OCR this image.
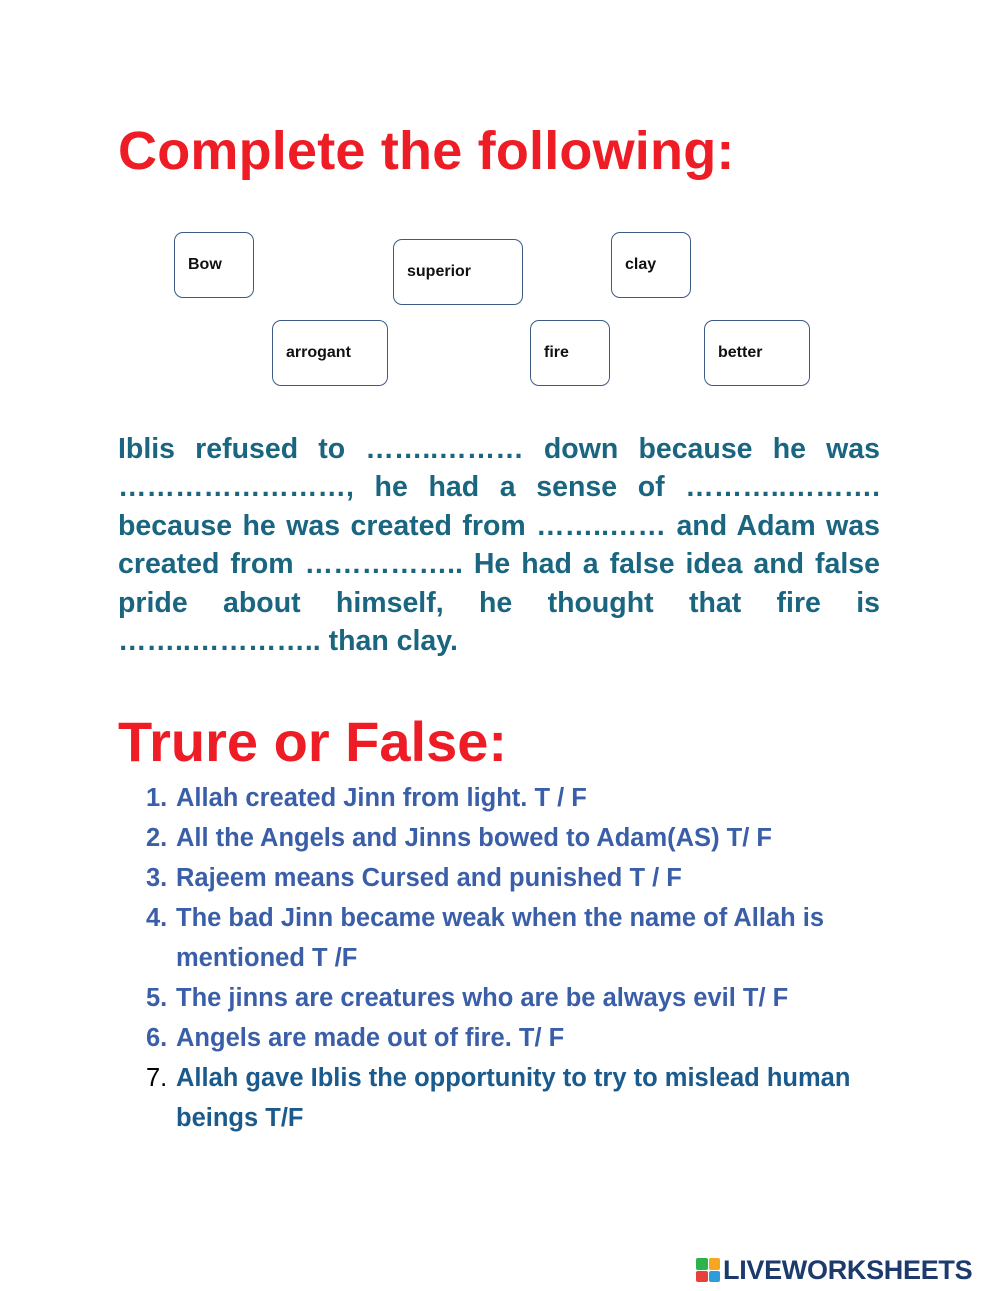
Complete the following:
Bow	superior	clay
arrogant	fire	better

Iblis refused to ……..……… down because he was ……………………, he had a sense of ………..………. because he was created from ……..…… and Adam was created from …………….. He had a false idea and false pride about himself, he thought that fire is ……..………….. than clay.

Trure or False:
1. Allah created Jinn from light. T / F
2. All the Angels and Jinns bowed to Adam(AS) T/ F
3. Rajeem means Cursed and punished T / F
4. The bad Jinn became weak when the name of Allah is mentioned T /F
5. The jinns are creatures who are be always evil T/ F
6. Angels are made out of fire. T/ F
7. Allah gave Iblis the opportunity to try to mislead human beings T/F
LIVEWORKSHEETS
